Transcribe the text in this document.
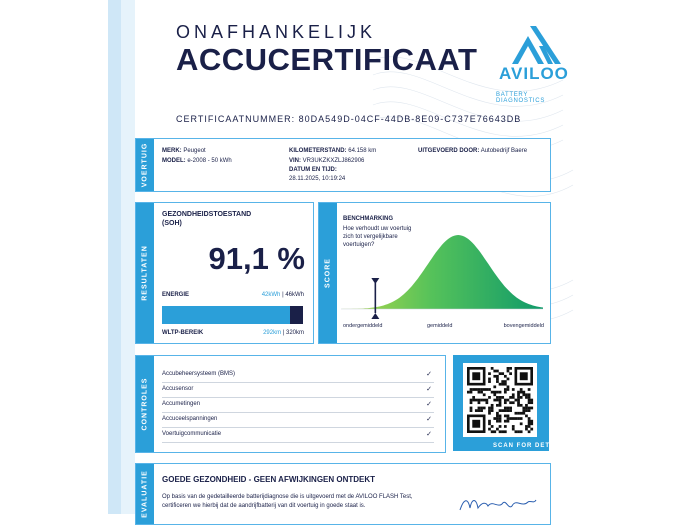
ONAFHANKELIJK
ACCUCERTIFICAAT AVILOO
BATTERY DIAGNOSTICS
CERTIFICAATNUMMER: 80DA549D-04CF-44DB-8E09-C737E76643DB
VOERTUIG MERK: Peugeot
MODEL: e-2008 - 50 kWh
KILOMETERSTAND: 64.158 km
VIN: VR3UKZKXZLJ862906
DATUM EN TIJD:
28.11.2025, 10:19:24
UITGEVOERD DOOR: Autobedrijf Baere
RESULTATEN
GEZONDHEIDSTOESTAND (SOH)
91,1 %
ENERGIE	42kWh | 46kWh
WLTP-BEREIK	292km | 320km
SCORE
BENCHMARKING
Hoe verhoudt uw voertuig zich tot vergelijkbare voertuigen?
ondergemiddeld	gemiddeld	bovengemiddeld
CONTROLES
Accubeheersysteem (BMS)	✓
Accusensor	✓
Accumetingen	✓
Accuceelspanningen	✓
Voertuigcommunicatie	✓
SCAN FOR DETAILS
EVALUATIE GOEDE GEZONDHEID - GEEN AFWIJKINGEN ONTDEKT
Op basis van de gedetailleerde batterijdiagnose die is uitgevoerd met de AVILOO FLASH Test,
certificeren we hierbij dat de aandrijfbatterij van dit voertuig in goede staat is.
